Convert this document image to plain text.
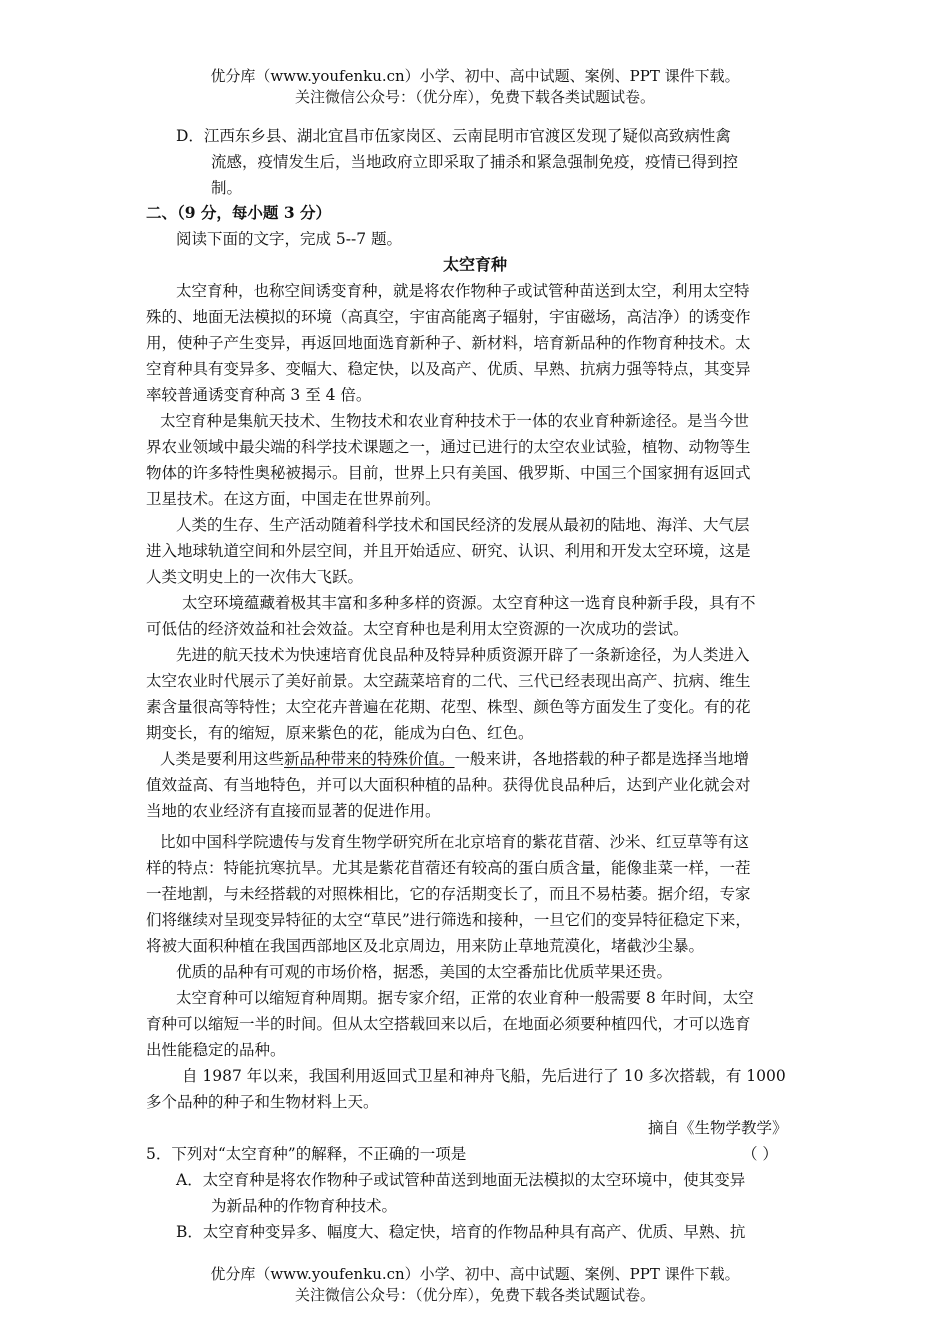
优分库（www.youfenku.cn）小学、初中、高中试题、案例、PPT 课件下载。
关注微信公众号：（优分库），免费下载各类试题试卷。
D．江西东乡县、湖北宜昌市伍家岗区、云南昆明市官渡区发现了疑似高致病性禽
流感，疫情发生后，当地政府立即采取了捕杀和紧急强制免疫，疫情已得到控
制。
二、（9 分，每小题 3 分）
阅读下面的文字，完成 5--7 题。
太空育种
太空育种，也称空间诱变育种，就是将农作物种子或试管种苗送到太空，利用太空特
殊的、地面无法模拟的环境（高真空，宇宙高能离子辐射，宇宙磁场，高洁净）的诱变作
用，使种子产生变异，再返回地面选育新种子、新材料，培育新品种的作物育种技术。太
空育种具有变异多、变幅大、稳定快，以及高产、优质、早熟、抗病力强等特点，其变异
率较普通诱变育种高 3 至 4 倍。
太空育种是集航天技术、生物技术和农业育种技术于一体的农业育种新途径。是当今世
界农业领域中最尖端的科学技术课题之一，通过已进行的太空农业试验，植物、动物等生
物体的许多特性奥秘被揭示。目前，世界上只有美国、俄罗斯、中国三个国家拥有返回式
卫星技术。在这方面，中国走在世界前列。
人类的生存、生产活动随着科学技术和国民经济的发展从最初的陆地、海洋、大气层
进入地球轨道空间和外层空间，并且开始适应、研究、认识、利用和开发太空环境，这是
人类文明史上的一次伟大飞跃。
太空环境蕴藏着极其丰富和多种多样的资源。太空育种这一选育良种新手段，具有不
可低估的经济效益和社会效益。太空育种也是利用太空资源的一次成功的尝试。
先进的航天技术为快速培育优良品种及特异种质资源开辟了一条新途径，为人类进入
太空农业时代展示了美好前景。太空蔬菜培育的二代、三代已经表现出高产、抗病、维生
素含量很高等特性；太空花卉普遍在花期、花型、株型、颜色等方面发生了变化。有的花
期变长，有的缩短，原来紫色的花，能成为白色、红色。
人类是要利用这些新品种带来的特殊价值。一般来讲，各地搭载的种子都是选择当地增
值效益高、有当地特色，并可以大面积种植的品种。获得优良品种后，达到产业化就会对
当地的农业经济有直接而显著的促进作用。
比如中国科学院遗传与发育生物学研究所在北京培育的紫花苜蓿、沙米、红豆草等有这
样的特点：特能抗寒抗旱。尤其是紫花苜蓿还有较高的蛋白质含量，能像韭菜一样，一茬
一茬地割，与未经搭载的对照株相比，它的存活期变长了，而且不易枯萎。据介绍，专家
们将继续对呈现变异特征的太空“草民”进行筛选和接种，一旦它们的变异特征稳定下来，
将被大面积种植在我国西部地区及北京周边，用来防止草地荒漠化，堵截沙尘暴。
优质的品种有可观的市场价格，据悉，美国的太空番茄比优质苹果还贵。
太空育种可以缩短育种周期。据专家介绍，正常的农业育种一般需要 8 年时间，太空
育种可以缩短一半的时间。但从太空搭载回来以后，在地面必须要种植四代，才可以选育
出性能稳定的品种。
自 1987 年以来，我国利用返回式卫星和神舟飞船，先后进行了 10 多次搭载，有 1000
多个品种的种子和生物材料上天。
摘自《生物学教学》
5．下列对“太空育种”的解释，不正确的一项是	（ ）
A．太空育种是将农作物种子或试管种苗送到地面无法模拟的太空环境中，使其变异
为新品种的作物育种技术。
B．太空育种变异多、幅度大、稳定快，培育的作物品种具有高产、优质、早熟、抗
优分库（www.youfenku.cn）小学、初中、高中试题、案例、PPT 课件下载。
关注微信公众号：（优分库），免费下载各类试题试卷。
